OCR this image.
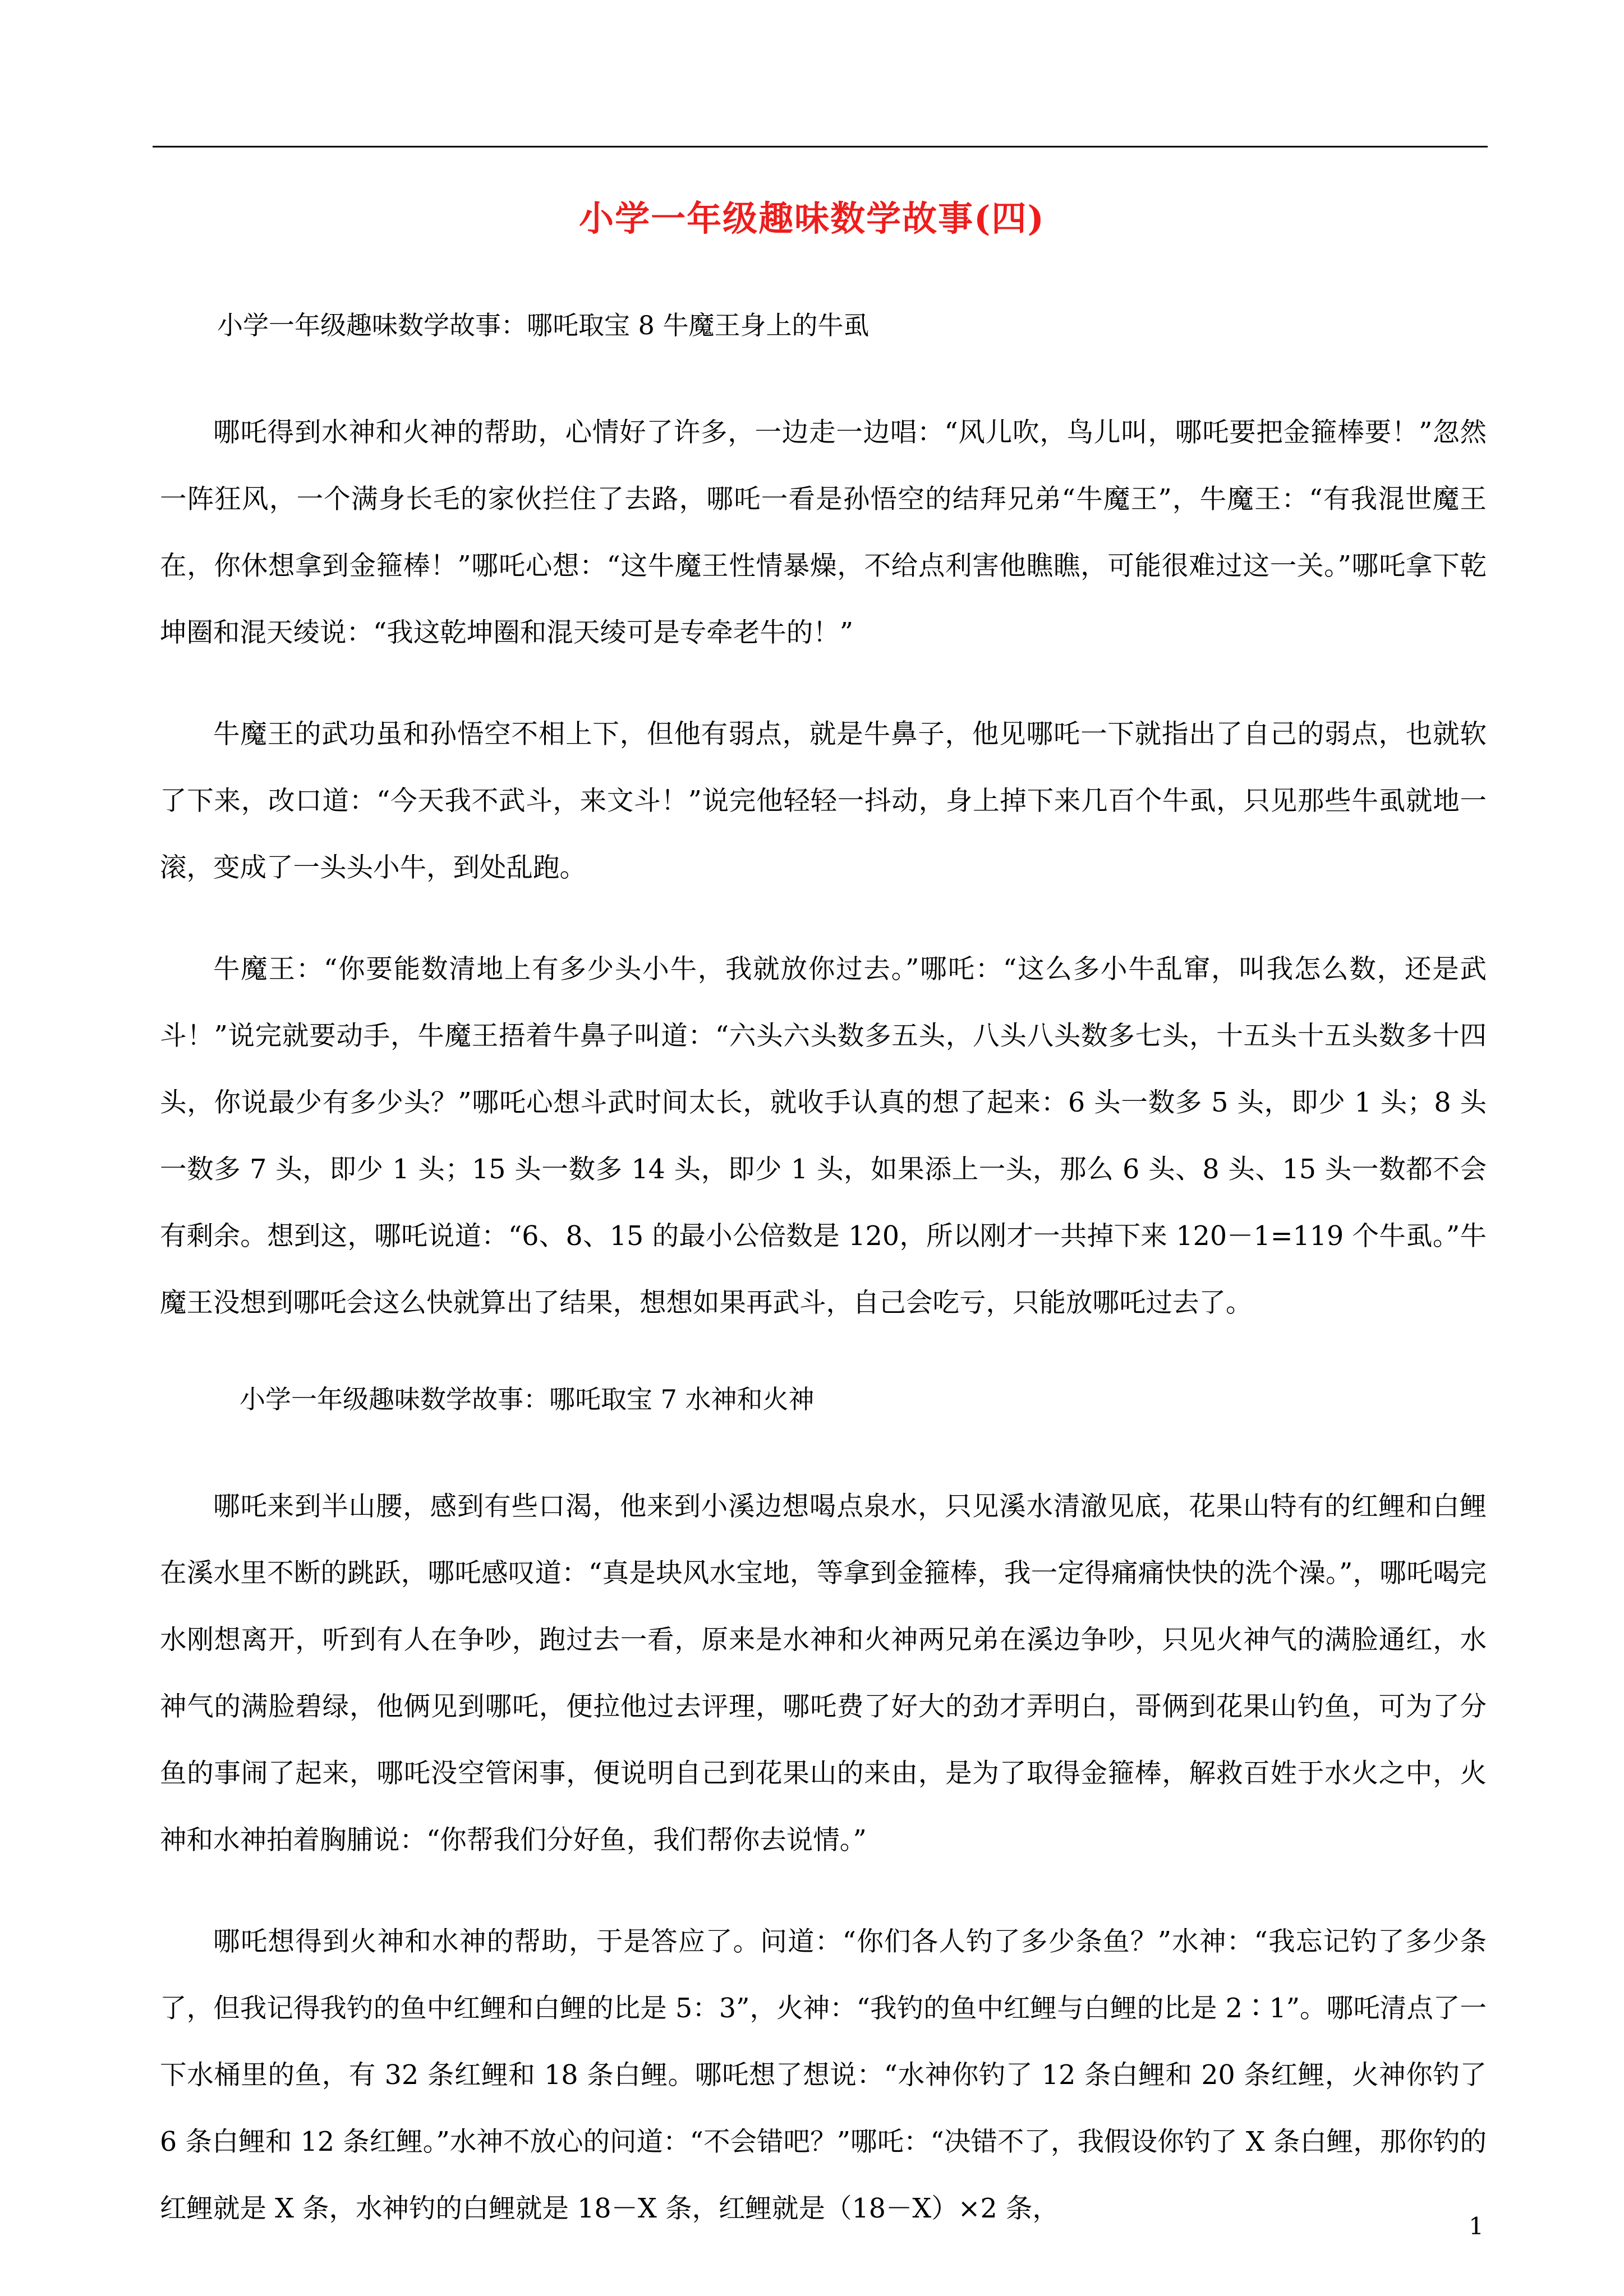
小学一年级趣味数学故事(四)

小学一年级趣味数学故事：哪吒取宝 8 牛魔王身上的牛虱

哪吒得到水神和火神的帮助，心情好了许多，一边走一边唱：“风儿吹，鸟儿叫，哪吒要把金箍棒要！”忽然一阵狂风，一个满身长毛的家伙拦住了去路，哪吒一看是孙悟空的结拜兄弟“牛魔王”，牛魔王：“有我混世魔王在，你休想拿到金箍棒！”哪吒心想：“这牛魔王性情暴燥，不给点利害他瞧瞧，可能很难过这一关。”哪吒拿下乾坤圈和混天绫说：“我这乾坤圈和混天绫可是专牵老牛的！”

牛魔王的武功虽和孙悟空不相上下，但他有弱点，就是牛鼻子，他见哪吒一下就指出了自己的弱点，也就软了下来，改口道：“今天我不武斗，来文斗！”说完他轻轻一抖动，身上掉下来几百个牛虱，只见那些牛虱就地一滚，变成了一头头小牛，到处乱跑。

牛魔王：“你要能数清地上有多少头小牛，我就放你过去。”哪吒：“这么多小牛乱窜，叫我怎么数，还是武斗！”说完就要动手，牛魔王捂着牛鼻子叫道：“六头六头数多五头，八头八头数多七头，十五头十五头数多十四头，你说最少有多少头？”哪吒心想斗武时间太长，就收手认真的想了起来：6 头一数多 5 头，即少 1 头；8 头一数多 7 头，即少 1 头；15 头一数多 14 头，即少 1 头，如果添上一头，那么 6 头、8 头、15 头一数都不会有剩余。想到这，哪吒说道：“6、8、15 的最小公倍数是 120，所以刚才一共掉下来 120－1=119 个牛虱。”牛魔王没想到哪吒会这么快就算出了结果，想想如果再武斗，自己会吃亏，只能放哪吒过去了。

小学一年级趣味数学故事：哪吒取宝 7 水神和火神

哪吒来到半山腰，感到有些口渴，他来到小溪边想喝点泉水，只见溪水清澈见底，花果山特有的红鲤和白鲤在溪水里不断的跳跃，哪吒感叹道：“真是块风水宝地，等拿到金箍棒，我一定得痛痛快快的洗个澡。”，哪吒喝完水刚想离开，听到有人在争吵，跑过去一看，原来是水神和火神两兄弟在溪边争吵，只见火神气的满脸通红，水神气的满脸碧绿，他俩见到哪吒，便拉他过去评理，哪吒费了好大的劲才弄明白，哥俩到花果山钓鱼，可为了分鱼的事闹了起来，哪吒没空管闲事，便说明自己到花果山的来由，是为了取得金箍棒，解救百姓于水火之中，火神和水神拍着胸脯说：“你帮我们分好鱼，我们帮你去说情。”

哪吒想得到火神和水神的帮助，于是答应了。问道：“你们各人钓了多少条鱼？”水神：“我忘记钓了多少条了，但我记得我钓的鱼中红鲤和白鲤的比是 5：3”，火神：“我钓的鱼中红鲤与白鲤的比是 2∶1”。哪吒清点了一下水桶里的鱼，有 32 条红鲤和 18 条白鲤。哪吒想了想说：“水神你钓了 12 条白鲤和 20 条红鲤，火神你钓了 6 条白鲤和 12 条红鲤。”水神不放心的问道：“不会错吧？”哪吒：“决错不了，我假设你钓了 X 条白鲤，那你钓的红鲤就是 X 条，水神钓的白鲤就是 18－X 条，红鲤就是（18－X）×2 条，

1
